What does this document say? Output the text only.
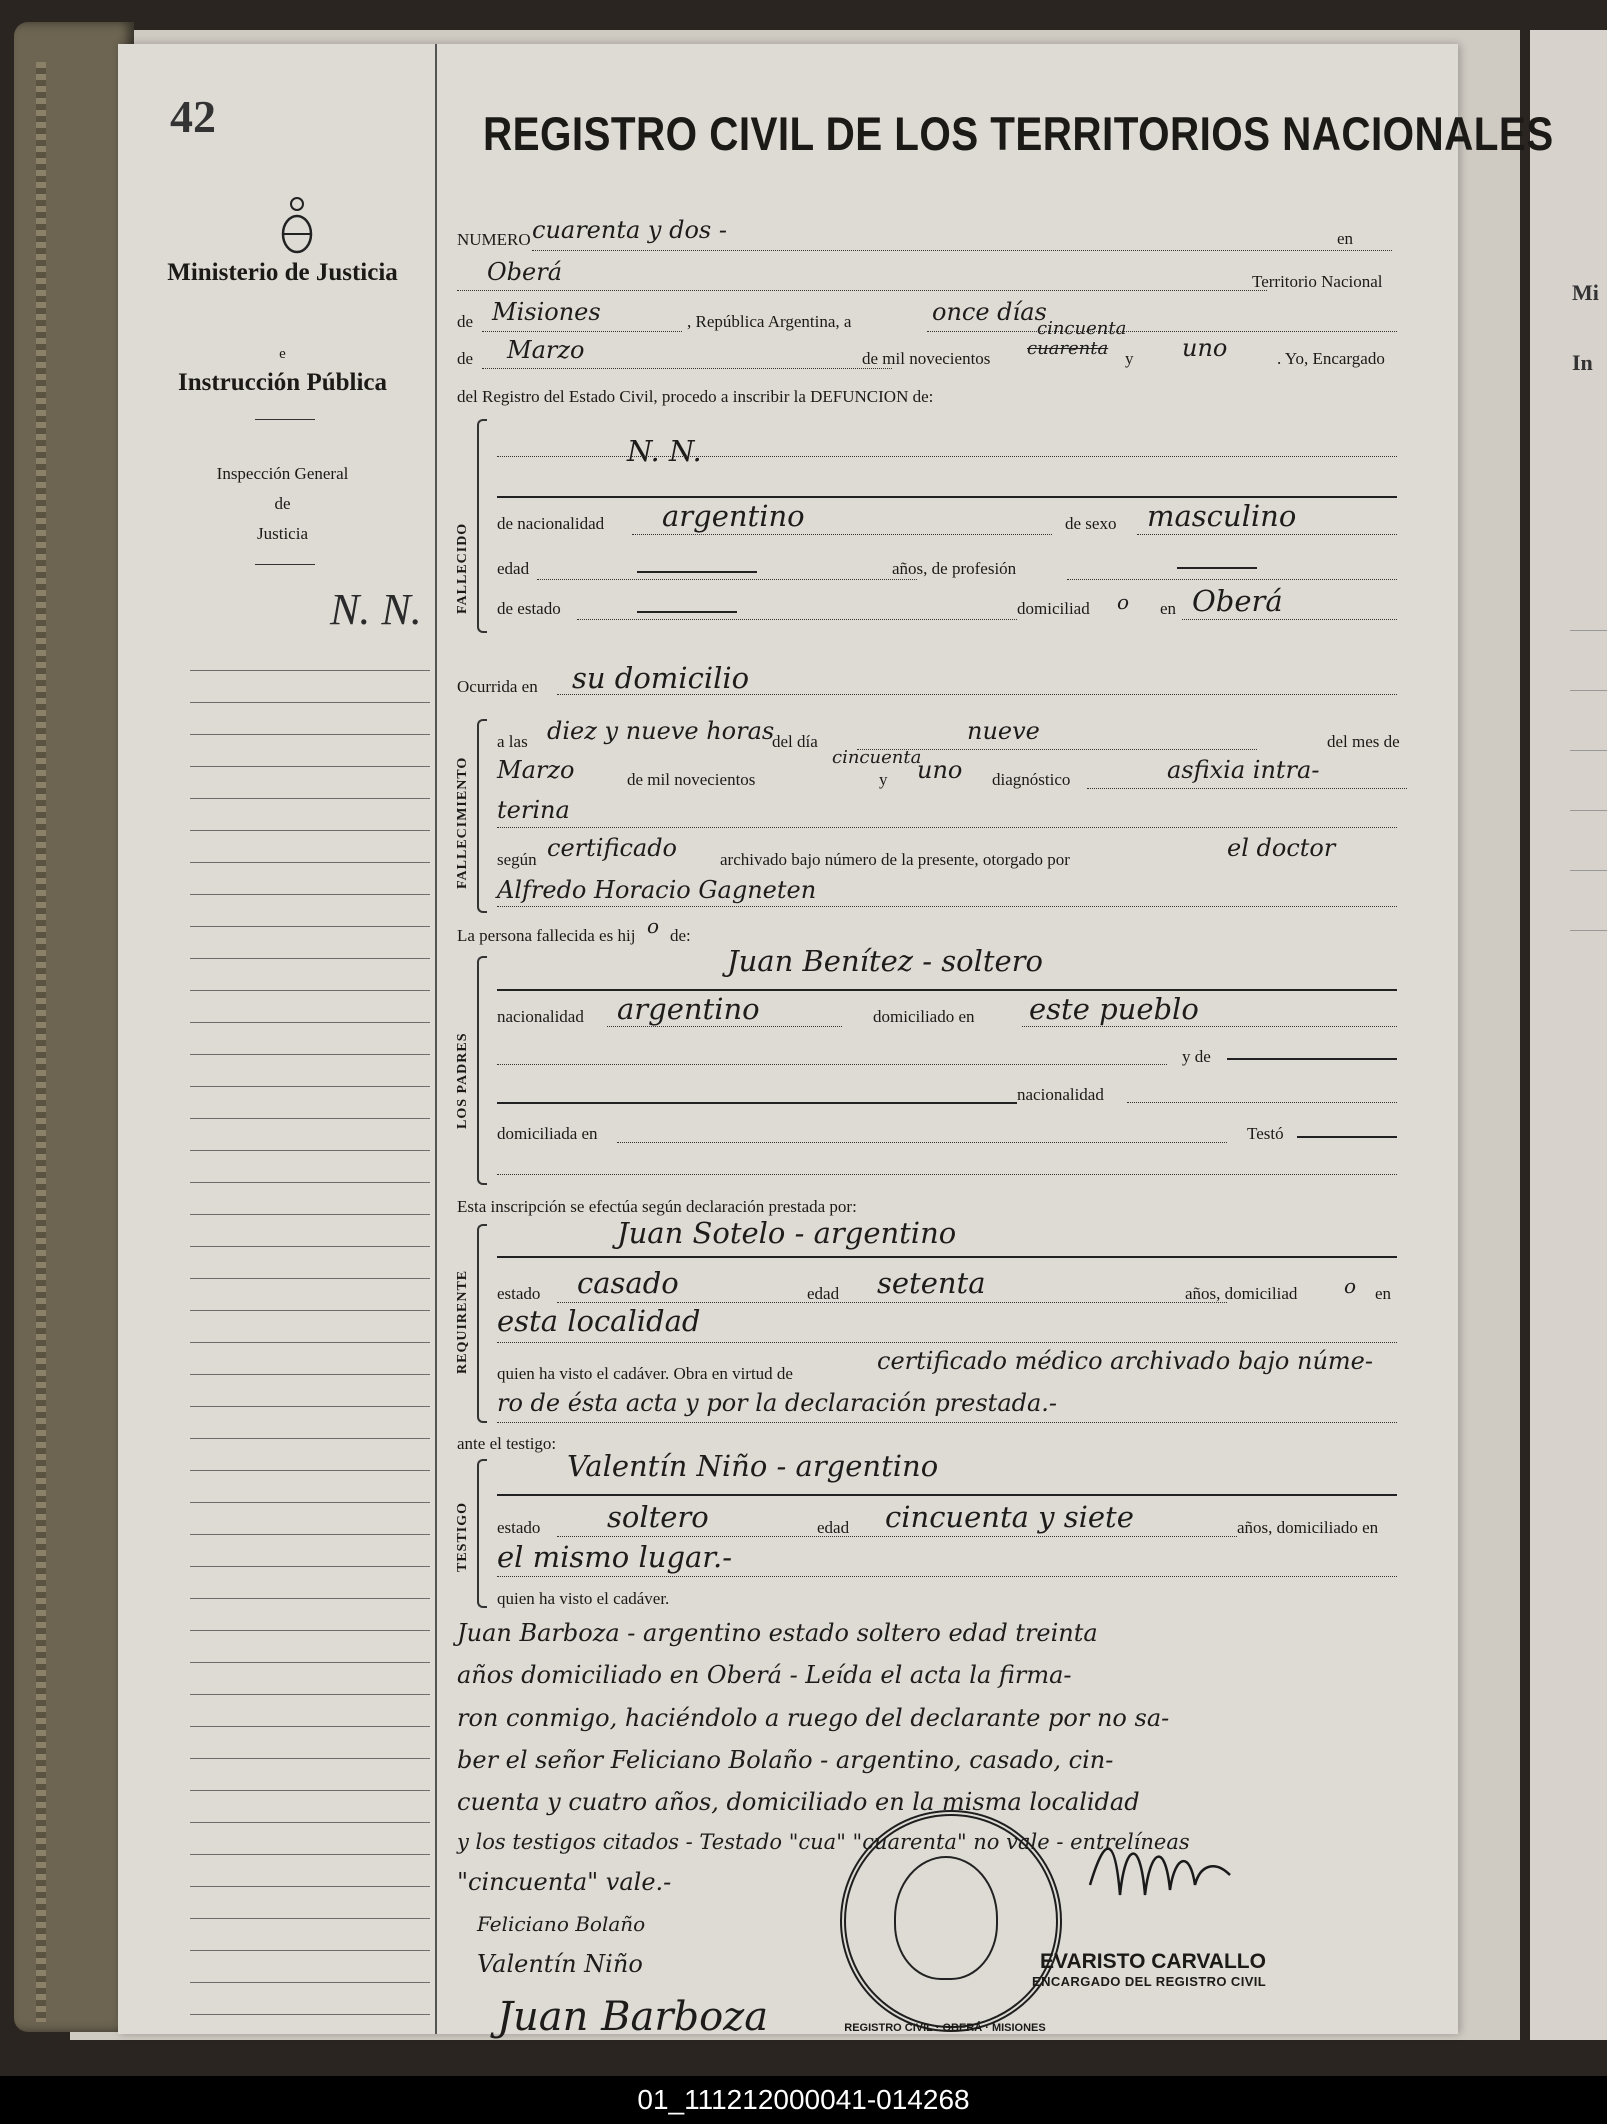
Mi
In
42
Ministerio de Justicia
e
Instrucción Pública
Inspección General
de
Justicia
N. N.
REGISTRO CIVIL DE LOS TERRITORIOS NACIONALES
NUMERO cuarenta y dos -	en
Oberá	Territorio Nacional
de Misiones	, República Argentina, a	once días
de Marzo	de mil novecientos cuarenta
cincuenta
y uno	. Yo, Encargado
del Registro del Estado Civil, procedo a inscribir la DEFUNCION de:
FALLECIDO
N. N.
de nacionalidad argentino	de sexo masculino
edad	años, de profesión
de estado	domiciliad o en Oberá
Ocurrida en su domicilio
FALLECIMIENTO
a las diez y nueve horas
del día	nueve	del mes de
Marzo	de mil novecientos
cincuenta
y uno diagnóstico	asfixia intra-
terina
según certificado	archivado bajo número de la presente, otorgado por	el doctor
Alfredo Horacio Gagneten
La persona fallecida es hij o de:
LOS PADRES
Juan Benítez - soltero
nacionalidad argentino	domiciliado en este pueblo
y de
nacionalidad
domiciliada en	Testó
Esta inscripción se efectúa según declaración prestada por:
REQUIRENTE
Juan Sotelo - argentino
estado casado	edad setenta	años, domiciliad o en
esta localidad
quien ha visto el cadáver. Obra en virtud de	certificado médico archivado bajo núme-
ro de ésta acta y por la declaración prestada.-
ante el testigo:
TESTIGO
Valentín Niño - argentino
estado soltero	edad cincuenta y siete	años, domiciliado en
el mismo lugar.-
quien ha visto el cadáver.
Juan Barboza - argentino estado soltero edad treinta
años domiciliado en Oberá - Leída el acta la firma-
ron conmigo, haciéndolo a ruego del declarante por no sa-
ber el señor Feliciano Bolaño - argentino, casado, cin-
cuenta y cuatro años, domiciliado en la misma localidad
y los testigos citados - Testado "cua" "cuarenta" no vale - entrelíneas
"cincuenta" vale.-
Feliciano Bolaño
Valentín Niño
Juan Barboza	REGISTRO CIVIL · OBERÁ · MISIONES
EVARISTO CARVALLO
ENCARGADO DEL REGISTRO CIVIL
01_111212000041-014268
